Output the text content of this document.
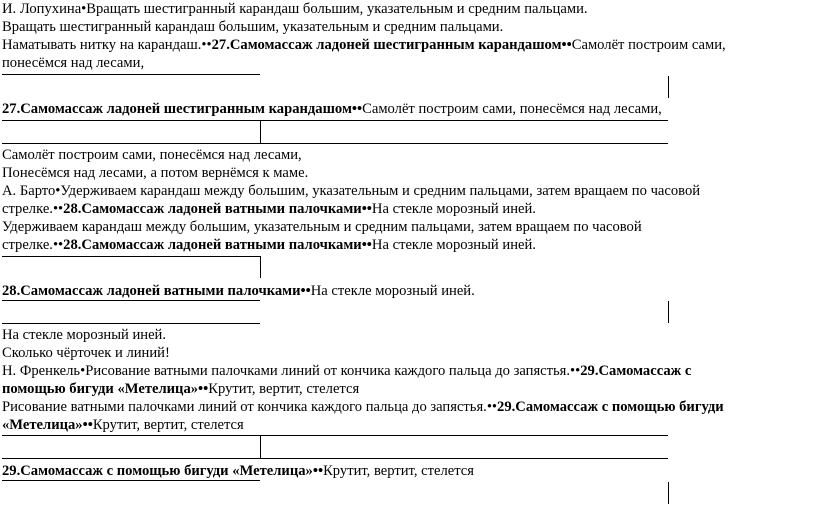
И. Лопухина•Вращать шестигранный карандаш большим, указательным и средним пальцами.
Вращать шестигранный карандаш большим, указательным и средним пальцами.
Наматывать нитку на карандаш.••27.Самомассаж ладоней шестигранным карандашом••Самолёт построим сами,
понесёмся над лесами,
27.Самомассаж ладоней шестигранным карандашом••Самолёт построим сами, понесёмся над лесами,
Самолёт построим сами, понесёмся над лесами,
Понесёмся над лесами, а потом вернёмся к маме.
А. Барто•Удерживаем карандаш между большим, указательным и средним пальцами, затем вращаем по часовой
стрелке.••28.Самомассаж ладоней ватными палочками••На стекле морозный иней.
Удерживаем карандаш между большим, указательным и средним пальцами, затем вращаем по часовой
стрелке.••28.Самомассаж ладоней ватными палочками••На стекле морозный иней.
28.Самомассаж ладоней ватными палочками••На стекле морозный иней.
На стекле морозный иней.
Сколько чёрточек и линий!
Н. Френкель•Рисование ватными палочками линий от кончика каждого пальца до запястья.••29.Самомассаж с
помощью бигуди «Метелица»••Крутит, вертит, стелется
Рисование ватными палочками линий от кончика каждого пальца до запястья.••29.Самомассаж с помощью бигуди
«Метелица»••Крутит, вертит, стелется
29.Самомассаж с помощью бигуди «Метелица»••Крутит, вертит, стелется
